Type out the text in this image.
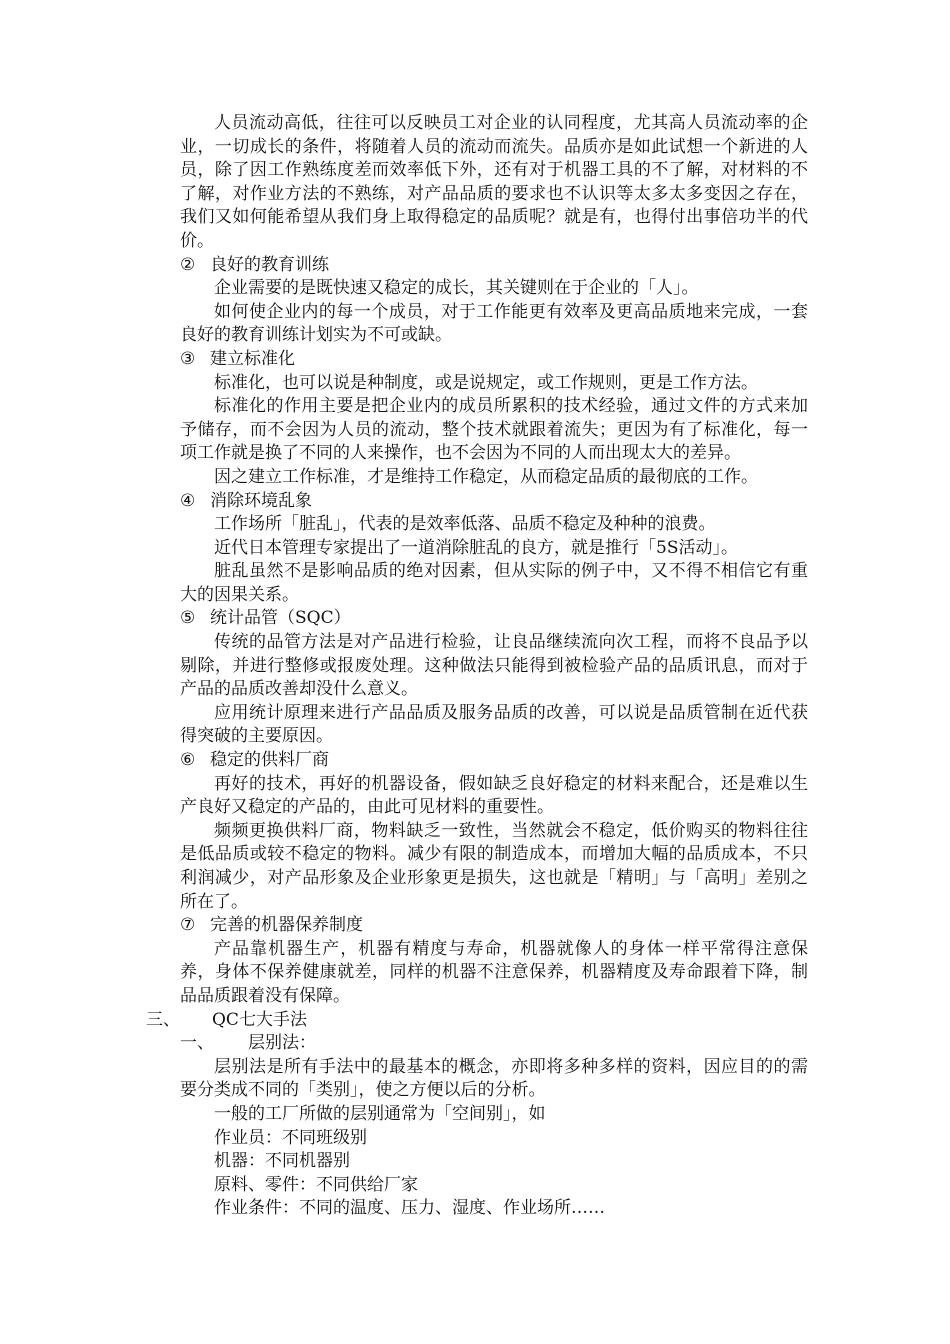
人员流动高低，往往可以反映员工对企业的认同程度，尤其高人员流动率的企业，一切成长的条件，将随着人员的流动而流失。品质亦是如此试想一个新进的人员，除了因工作熟练度差而效率低下外，还有对于机器工具的不了解，对材料的不了解，对作业方法的不熟练，对产品品质的要求也不认识等太多太多变因之存在，我们又如何能希望从我们身上取得稳定的品质呢？就是有，也得付出事倍功半的代价。

② 良好的教育训练

企业需要的是既快速又稳定的成长，其关键则在于企业的「人」。

如何使企业内的每一个成员，对于工作能更有效率及更高品质地来完成，一套良好的教育训练计划实为不可或缺。

③ 建立标准化

标准化，也可以说是种制度，或是说规定，或工作规则，更是工作方法。

标准化的作用主要是把企业内的成员所累积的技术经验，通过文件的方式来加予储存，而不会因为人员的流动，整个技术就跟着流失；更因为有了标准化，每一项工作就是换了不同的人来操作，也不会因为不同的人而出现太大的差异。

因之建立工作标准，才是维持工作稳定，从而稳定品质的最彻底的工作。

④ 消除环境乱象

工作场所「脏乱」，代表的是效率低落、品质不稳定及种种的浪费。

近代日本管理专家提出了一道消除脏乱的良方，就是推行「5S活动」。

脏乱虽然不是影响品质的绝对因素，但从实际的例子中，又不得不相信它有重大的因果关系。

⑤ 统计品管（SQC）

传统的品管方法是对产品进行检验，让良品继续流向次工程，而将不良品予以剔除，并进行整修或报废处理。这种做法只能得到被检验产品的品质讯息，而对于产品的品质改善却没什么意义。

应用统计原理来进行产品品质及服务品质的改善，可以说是品质管制在近代获得突破的主要原因。

⑥ 稳定的供料厂商

再好的技术，再好的机器设备，假如缺乏良好稳定的材料来配合，还是难以生产良好又稳定的产品的，由此可见材料的重要性。

频频更换供料厂商，物料缺乏一致性，当然就会不稳定，低价购买的物料往往是低品质或较不稳定的物料。减少有限的制造成本，而增加大幅的品质成本，不只利润减少，对产品形象及企业形象更是损失，这也就是「精明」与「高明」差别之所在了。

⑦ 完善的机器保养制度

产品靠机器生产，机器有精度与寿命，机器就像人的身体一样平常得注意保养，身体不保养健康就差，同样的机器不注意保养，机器精度及寿命跟着下降，制品品质跟着没有保障。

三、 QC七大手法

一、 层别法：

层别法是所有手法中的最基本的概念，亦即将多种多样的资料，因应目的的需要分类成不同的「类别」，使之方便以后的分析。

一般的工厂所做的层别通常为「空间别」，如

作业员：不同班级别

机器：不同机器别

原料、零件：不同供给厂家

作业条件：不同的温度、压力、湿度、作业场所……
